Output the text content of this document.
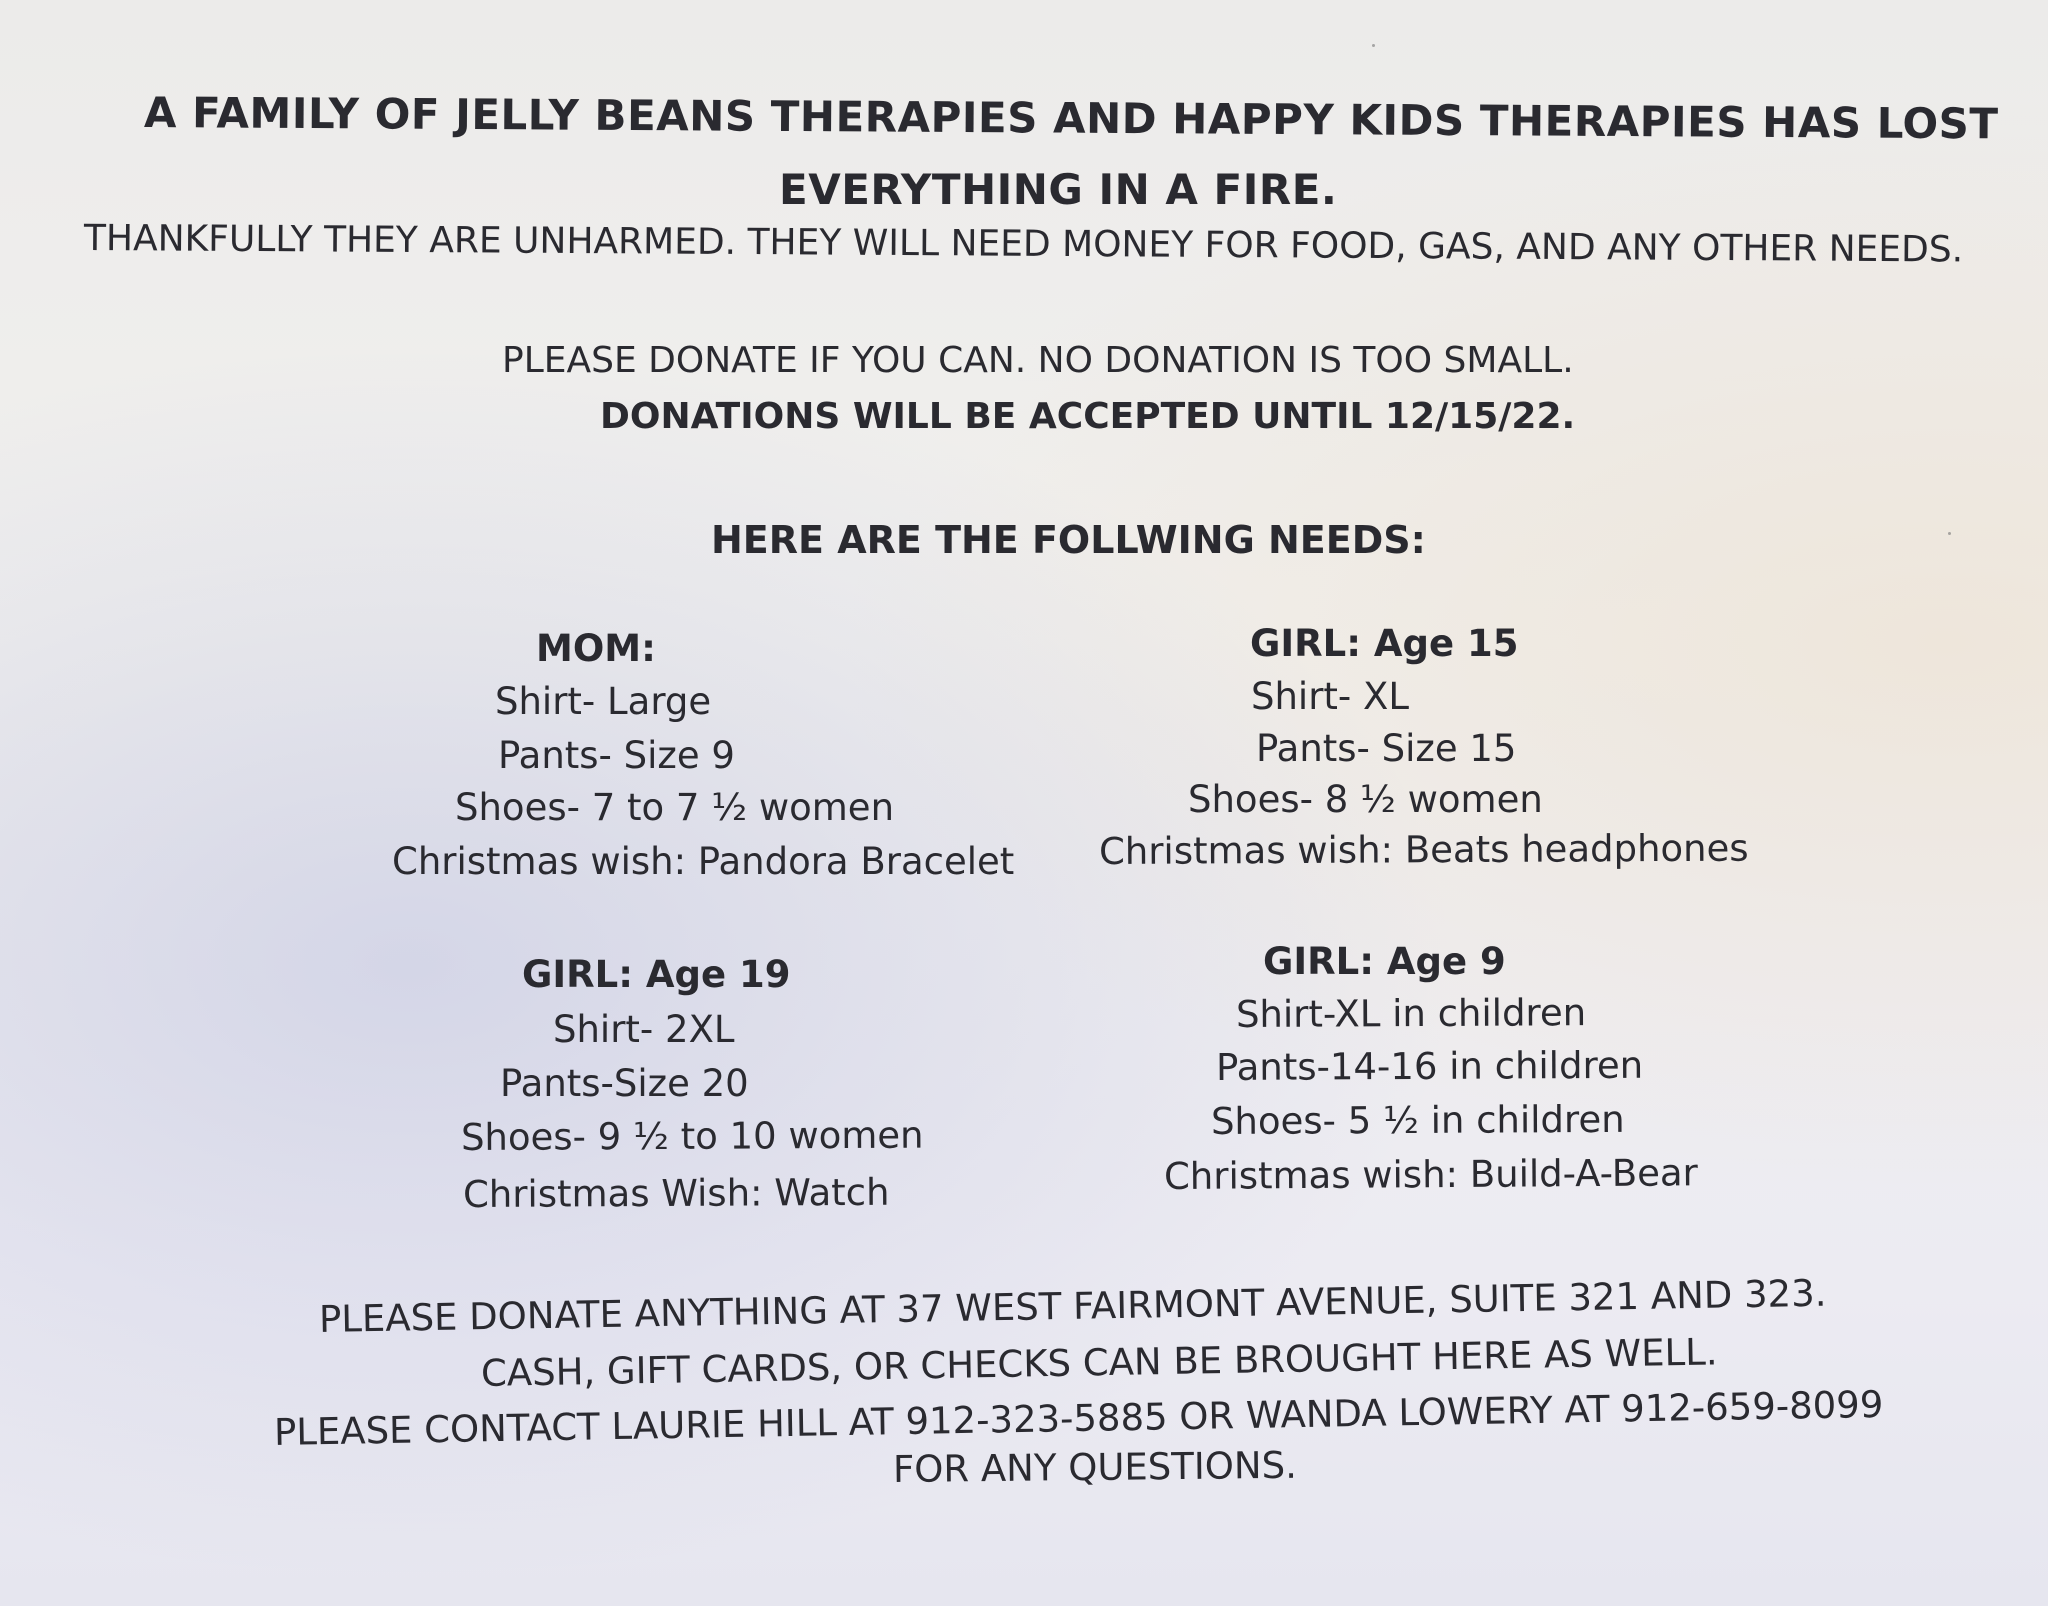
A FAMILY OF JELLY BEANS THERAPIES AND HAPPY KIDS THERAPIES HAS LOST
EVERYTHING IN A FIRE.
THANKFULLY THEY ARE UNHARMED. THEY WILL NEED MONEY FOR FOOD, GAS, AND ANY OTHER NEEDS.
PLEASE DONATE IF YOU CAN. NO DONATION IS TOO SMALL.
DONATIONS WILL BE ACCEPTED UNTIL 12/15/22.
HERE ARE THE FOLLWING NEEDS:
MOM:
Shirt- Large
Pants- Size 9
Shoes- 7 to 7 ½ women
Christmas wish: Pandora Bracelet
GIRL: Age 15
Shirt- XL
Pants- Size 15
Shoes- 8 ½ women
Christmas wish: Beats headphones
GIRL: Age 19
Shirt- 2XL
Pants-Size 20
Shoes- 9 ½ to 10 women
Christmas Wish: Watch
GIRL: Age 9
Shirt-XL in children
Pants-14-16 in children
Shoes- 5 ½ in children
Christmas wish: Build-A-Bear
PLEASE DONATE ANYTHING AT 37 WEST FAIRMONT AVENUE, SUITE 321 AND 323.
CASH, GIFT CARDS, OR CHECKS CAN BE BROUGHT HERE AS WELL.
PLEASE CONTACT LAURIE HILL AT 912-323-5885 OR WANDA LOWERY AT 912-659-8099
FOR ANY QUESTIONS.
